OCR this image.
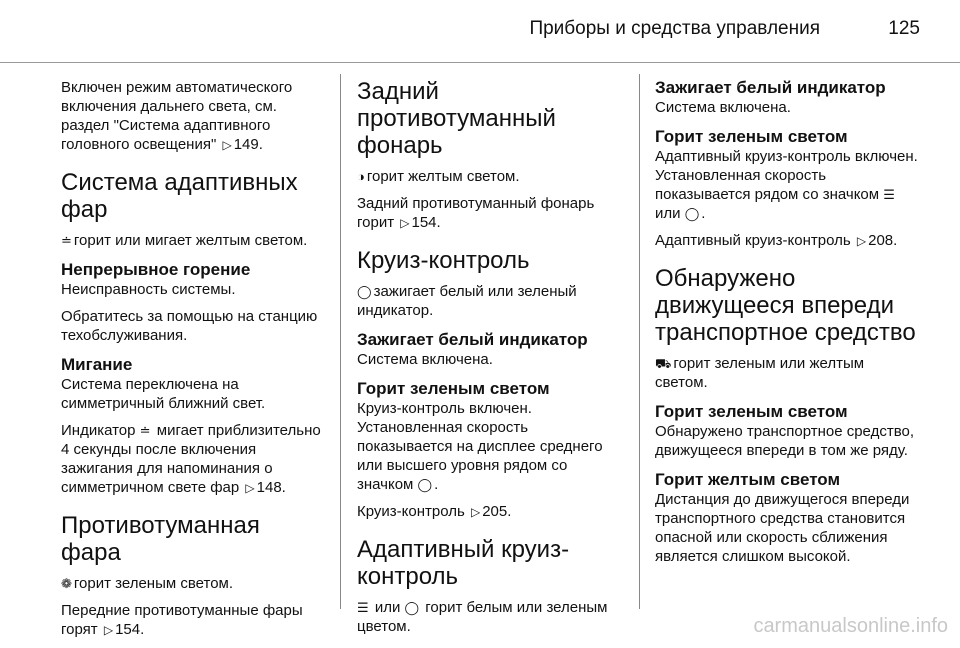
Приборы и средства управления	125

Включен режим автоматического включения дальнего света, см. раздел "Система адаптивного головного освещения" ▷ 149.

Система адаптивных фар

≐ горит или мигает желтым светом.

Непрерывное горение

Неисправность системы.

Обратитесь за помощью на станцию техобслуживания.

Мигание

Система переключена на симметричный ближний свет.

Индикатор ≐ мигает приблизительно 4 секунды после включения зажигания для напоминания о симметричном свете фар ▷ 148.

Противотуманная фара

❁ горит зеленым светом.

Передние противотуманные фары горят ▷ 154.

Задний противотуманный фонарь

◑ горит желтым светом.

Задний противотуманный фонарь горит ▷ 154.

Круиз-контроль

◯ зажигает белый или зеленый индикатор.

Зажигает белый индикатор

Система включена.

Горит зеленым светом

Круиз-контроль включен. Установленная скорость показывается на дисплее среднего или высшего уровня рядом со значком ◯ .

Круиз-контроль ▷ 205.

Адаптивный круиз-контроль

☰ или ◯ горит белым или зеленым цветом.

Зажигает белый индикатор

Система включена.

Горит зеленым светом

Адаптивный круиз-контроль включен. Установленная скорость показывается рядом со значком ☰ или ◯ .

Адаптивный круиз-контроль ▷ 208.

Обнаружено движущееся впереди транспортное средство

⛟ горит зеленым или желтым светом.

Горит зеленым светом

Обнаружено транспортное средство, движущееся впереди в том же ряду.

Горит желтым светом

Дистанция до движущегося впереди транспортного средства становится опасной или скорость сближения является слишком высокой.

carmanualsonline.info
